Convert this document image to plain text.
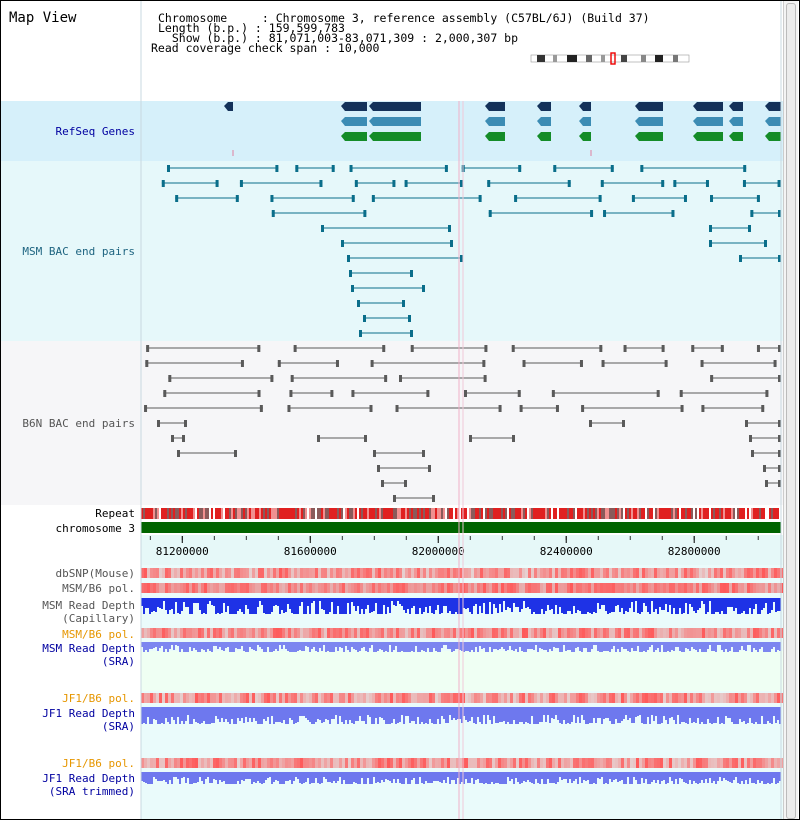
Map View	Chromosome     : Chromosome 3, reference assembly (C57BL/6J) (Build 37)
Length (b.p.) : 159,599,783
Show (b.p.) : 81,071,003-83,071,309 : 2,000,307 bp
Read coverage check span : 10,000
RefSeq Genes
MSM BAC end pairs
B6N BAC end pairs
Repeat
chromosome 3
dbSNP(Mouse)
MSM/B6 pol.
MSM Read Depth
(Capillary)
MSM/B6 pol.
MSM Read Depth
(SRA)
JF1/B6 pol.
JF1 Read Depth
(SRA)
JF1/B6 pol.
JF1 Read Depth
(SRA trimmed)
81200000	81600000	82000000	82400000	82800000
